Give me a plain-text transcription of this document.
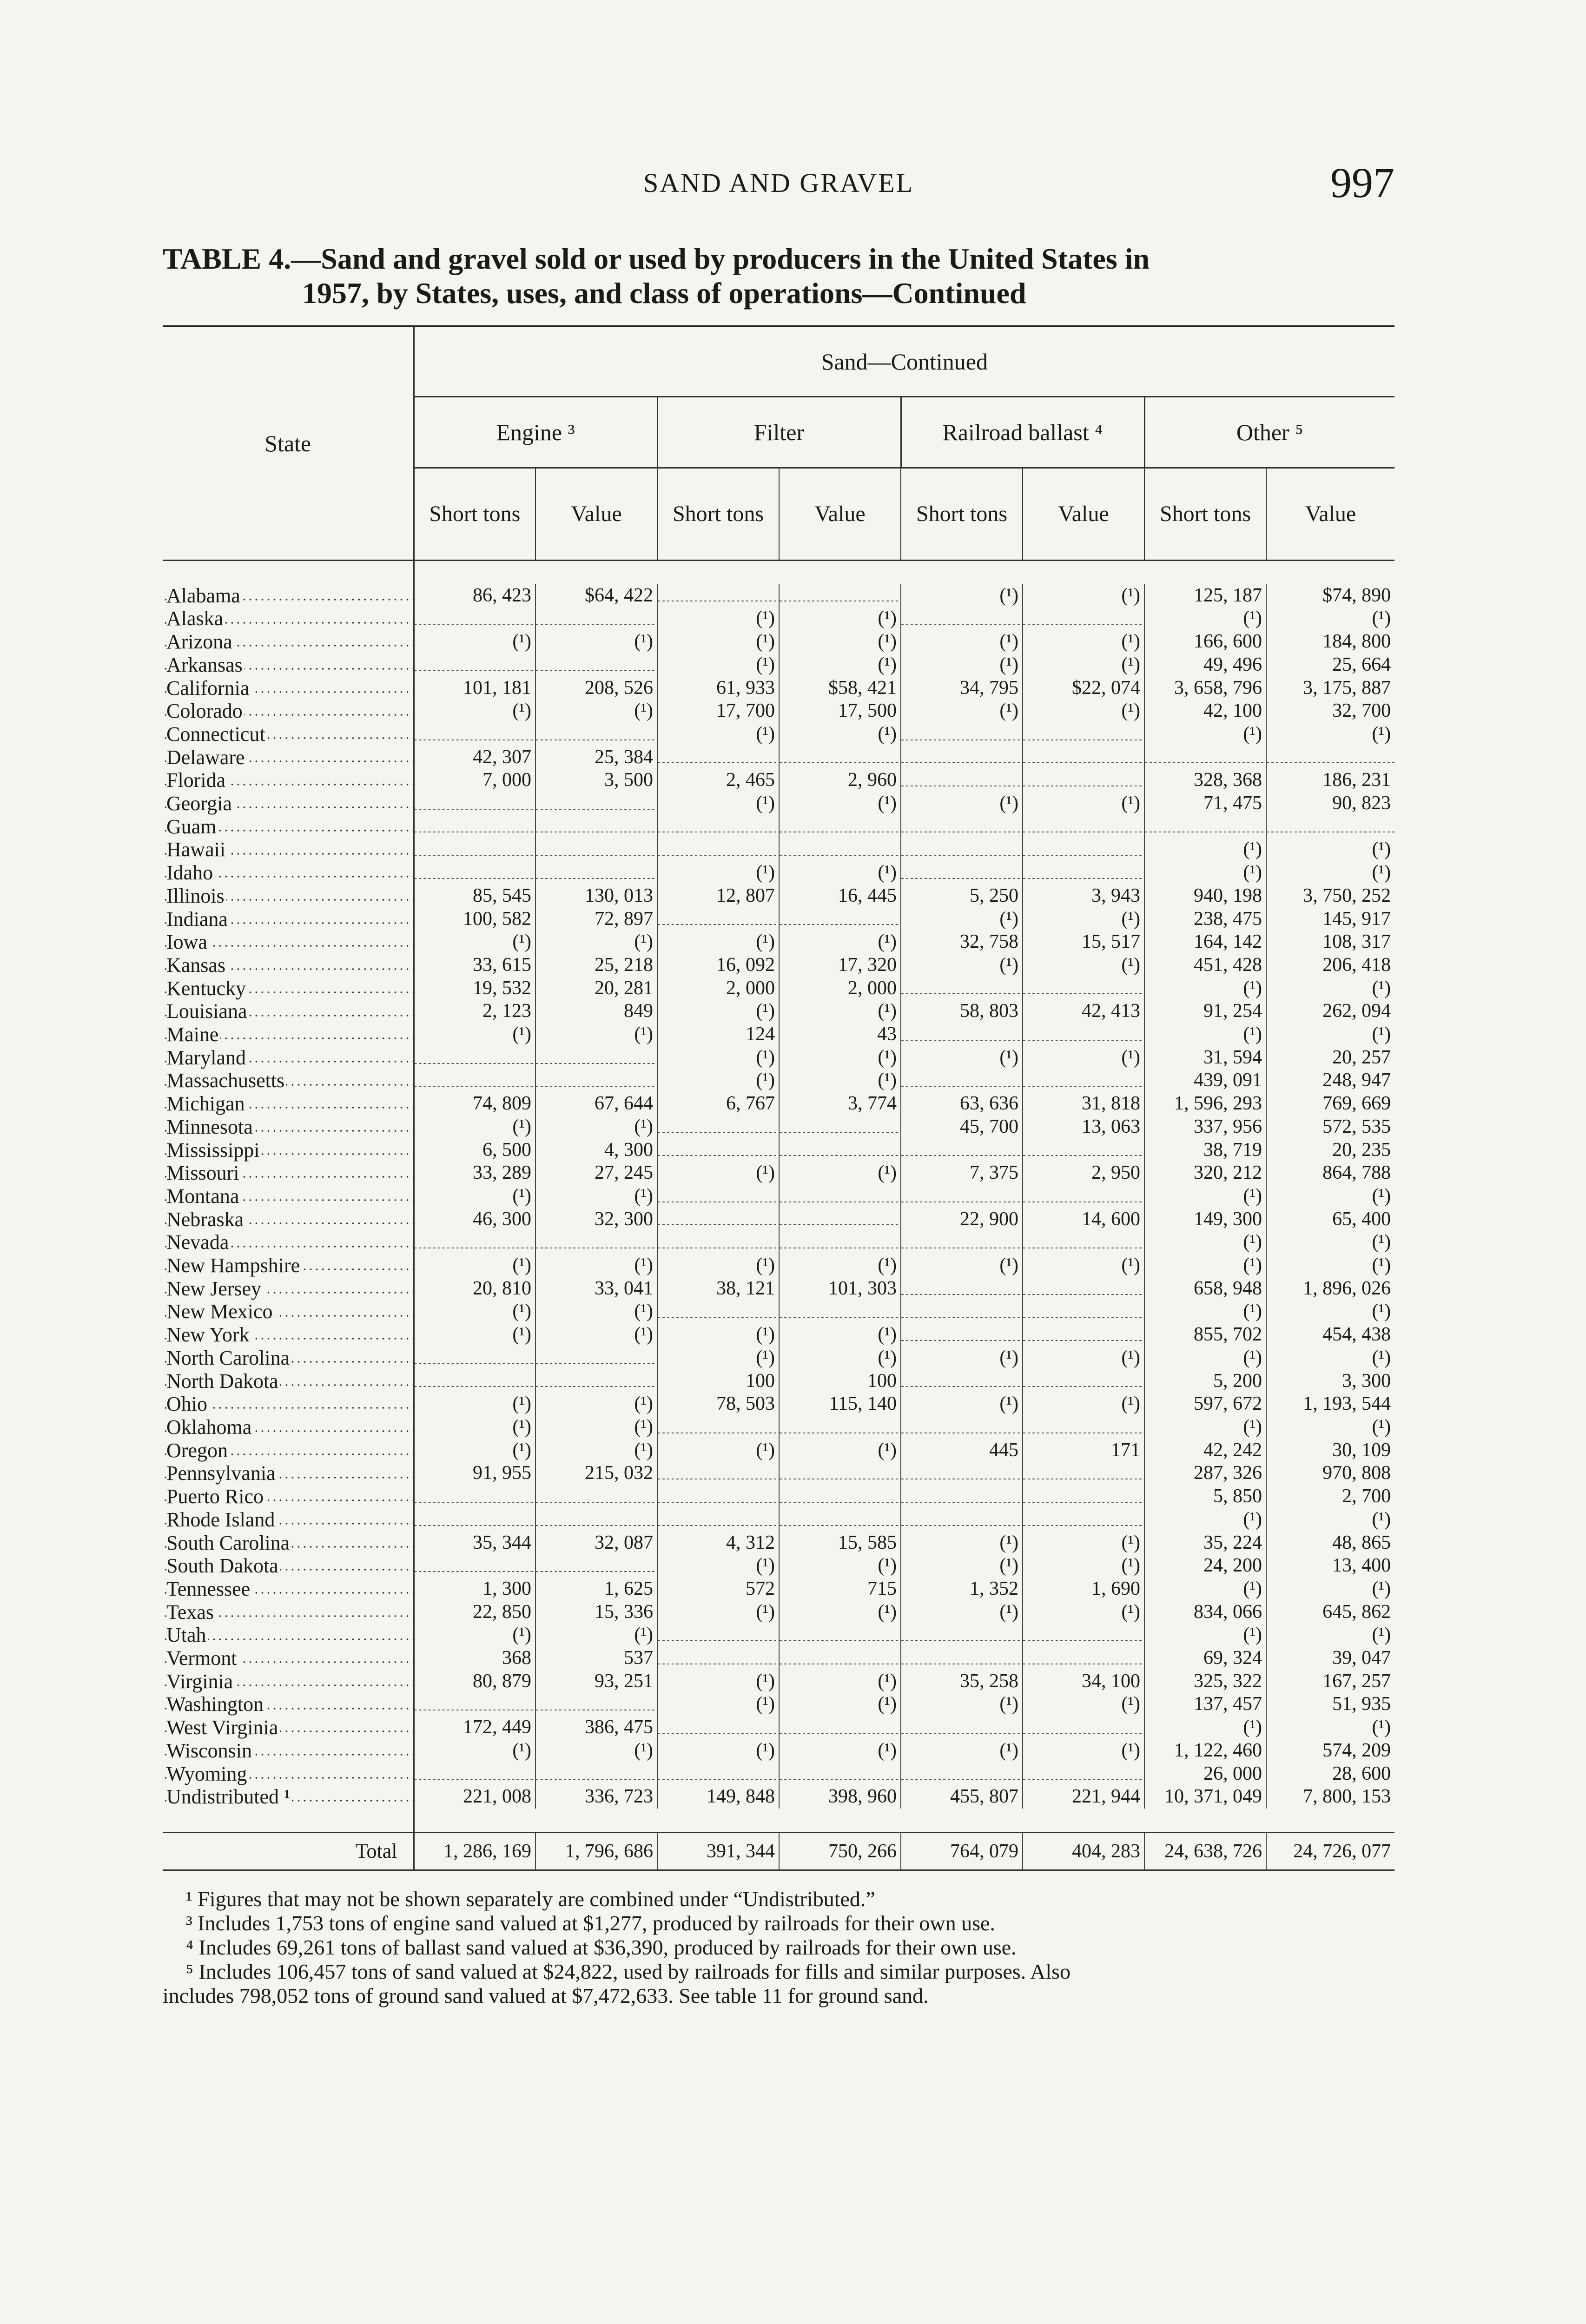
SAND AND GRAVEL	997
TABLE 4.—Sand and gravel sold or used by producers in the United States in
1957, by States, uses, and class of operations—Continued
State	Sand—Continued							
	Engine ³		Filter		Railroad ballast ⁴		Other ⁵	
	Short tons	Value	Short tons	Value	Short tons	Value	Short tons	Value

Alabama	86, 423	$64, 422			(¹)	(¹)	125, 187	$74, 890
Alaska			(¹)	(¹)			(¹)	(¹)
Arizona	(¹)	(¹)	(¹)	(¹)	(¹)	(¹)	166, 600	184, 800
Arkansas			(¹)	(¹)	(¹)	(¹)	49, 496	25, 664
California	101, 181	208, 526	61, 933	$58, 421	34, 795	$22, 074	3, 658, 796	3, 175, 887
Colorado	(¹)	(¹)	17, 700	17, 500	(¹)	(¹)	42, 100	32, 700
Connecticut			(¹)	(¹)			(¹)	(¹)
Delaware	42, 307	25, 384						
Florida	7, 000	3, 500	2, 465	2, 960			328, 368	186, 231
Georgia			(¹)	(¹)	(¹)	(¹)	71, 475	90, 823
Guam								
Hawaii							(¹)	(¹)
Idaho			(¹)	(¹)			(¹)	(¹)
Illinois	85, 545	130, 013	12, 807	16, 445	5, 250	3, 943	940, 198	3, 750, 252
Indiana	100, 582	72, 897			(¹)	(¹)	238, 475	145, 917
Iowa	(¹)	(¹)	(¹)	(¹)	32, 758	15, 517	164, 142	108, 317
Kansas	33, 615	25, 218	16, 092	17, 320	(¹)	(¹)	451, 428	206, 418
Kentucky	19, 532	20, 281	2, 000	2, 000			(¹)	(¹)
Louisiana	2, 123	849	(¹)	(¹)	58, 803	42, 413	91, 254	262, 094
Maine	(¹)	(¹)	124	43			(¹)	(¹)
Maryland			(¹)	(¹)	(¹)	(¹)	31, 594	20, 257
Massachusetts			(¹)	(¹)			439, 091	248, 947
Michigan	74, 809	67, 644	6, 767	3, 774	63, 636	31, 818	1, 596, 293	769, 669
Minnesota	(¹)	(¹)			45, 700	13, 063	337, 956	572, 535
Mississippi	6, 500	4, 300					38, 719	20, 235
Missouri	33, 289	27, 245	(¹)	(¹)	7, 375	2, 950	320, 212	864, 788
Montana	(¹)	(¹)					(¹)	(¹)
Nebraska	46, 300	32, 300			22, 900	14, 600	149, 300	65, 400
Nevada							(¹)	(¹)
New Hampshire	(¹)	(¹)	(¹)	(¹)	(¹)	(¹)	(¹)	(¹)
New Jersey	20, 810	33, 041	38, 121	101, 303			658, 948	1, 896, 026
New Mexico	(¹)	(¹)					(¹)	(¹)
New York	(¹)	(¹)	(¹)	(¹)			855, 702	454, 438
North Carolina			(¹)	(¹)	(¹)	(¹)	(¹)	(¹)
North Dakota			100	100			5, 200	3, 300
Ohio	(¹)	(¹)	78, 503	115, 140	(¹)	(¹)	597, 672	1, 193, 544
Oklahoma	(¹)	(¹)					(¹)	(¹)
Oregon	(¹)	(¹)	(¹)	(¹)	445	171	42, 242	30, 109
Pennsylvania	91, 955	215, 032					287, 326	970, 808
Puerto Rico							5, 850	2, 700
Rhode Island							(¹)	(¹)
South Carolina	35, 344	32, 087	4, 312	15, 585	(¹)	(¹)	35, 224	48, 865
South Dakota			(¹)	(¹)	(¹)	(¹)	24, 200	13, 400
Tennessee	1, 300	1, 625	572	715	1, 352	1, 690	(¹)	(¹)
Texas	22, 850	15, 336	(¹)	(¹)	(¹)	(¹)	834, 066	645, 862
Utah	(¹)	(¹)					(¹)	(¹)
Vermont	368	537					69, 324	39, 047
Virginia	80, 879	93, 251	(¹)	(¹)	35, 258	34, 100	325, 322	167, 257
Washington			(¹)	(¹)	(¹)	(¹)	137, 457	51, 935
West Virginia	172, 449	386, 475					(¹)	(¹)
Wisconsin	(¹)	(¹)	(¹)	(¹)	(¹)	(¹)	1, 122, 460	574, 209
Wyoming							26, 000	28, 600
Undistributed ¹	221, 008	336, 723	149, 848	398, 960	455, 807	221, 944	10, 371, 049	7, 800, 153

Total	1, 286, 169	1, 796, 686	391, 344	750, 266	764, 079	404, 283	24, 638, 726	24, 726, 077
¹ Figures that may not be shown separately are combined under “Undistributed.”
³ Includes 1,753 tons of engine sand valued at $1,277, produced by railroads for their own use.
⁴ Includes 69,261 tons of ballast sand valued at $36,390, produced by railroads for their own use.
⁵ Includes 106,457 tons of sand valued at $24,822, used by railroads for fills and similar purposes. Also
includes 798,052 tons of ground sand valued at $7,472,633. See table 11 for ground sand.
